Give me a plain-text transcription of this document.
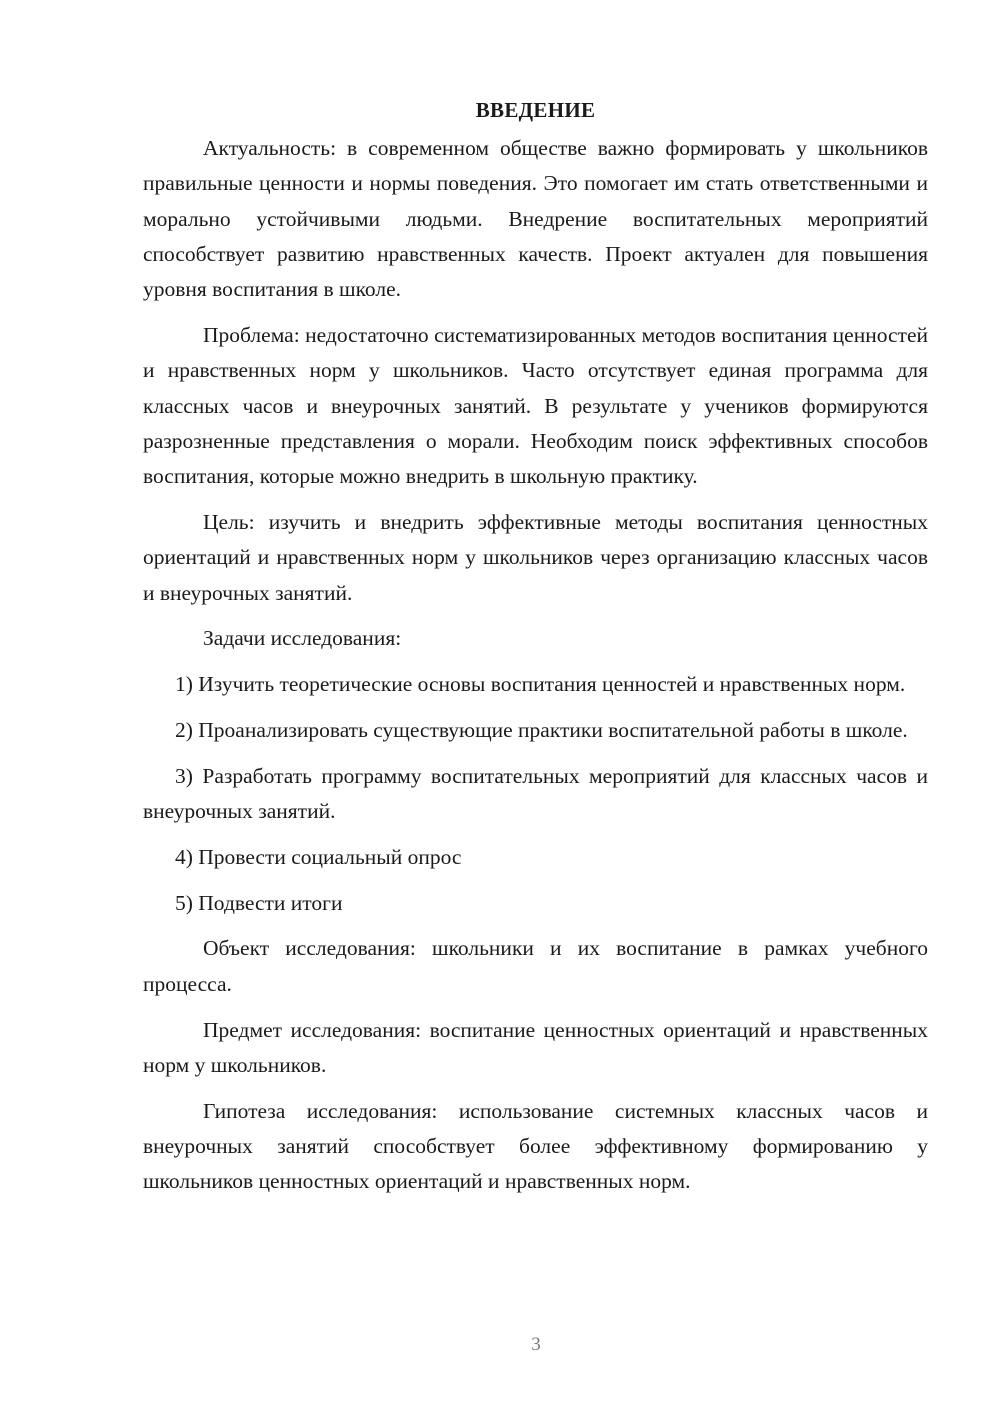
ВВЕДЕНИЕ

Актуальность: в современном обществе важно формировать у школьников правильные ценности и нормы поведения. Это помогает им стать ответственными и морально устойчивыми людьми. Внедрение воспитательных мероприятий способствует развитию нравственных качеств. Проект актуален для повышения уровня воспитания в школе.

Проблема: недостаточно систематизированных методов воспитания ценностей и нравственных норм у школьников. Часто отсутствует единая программа для классных часов и внеурочных занятий. В результате у учеников формируются разрозненные представления о морали. Необходим поиск эффективных способов воспитания, которые можно внедрить в школьную практику.

Цель: изучить и внедрить эффективные методы воспитания ценностных ориентаций и нравственных норм у школьников через организацию классных часов и внеурочных занятий.

Задачи исследования:

1) Изучить теоретические основы воспитания ценностей и нравственных норм.

2) Проанализировать существующие практики воспитательной работы в школе.

3) Разработать программу воспитательных мероприятий для классных часов и внеурочных занятий.

4) Провести социальный опрос

5) Подвести итоги

Объект исследования: школьники и их воспитание в рамках учебного процесса.

Предмет исследования: воспитание ценностных ориентаций и нравственных норм у школьников.

Гипотеза исследования: использование системных классных часов и внеурочных занятий способствует более эффективному формированию у школьников ценностных ориентаций и нравственных норм.

3
